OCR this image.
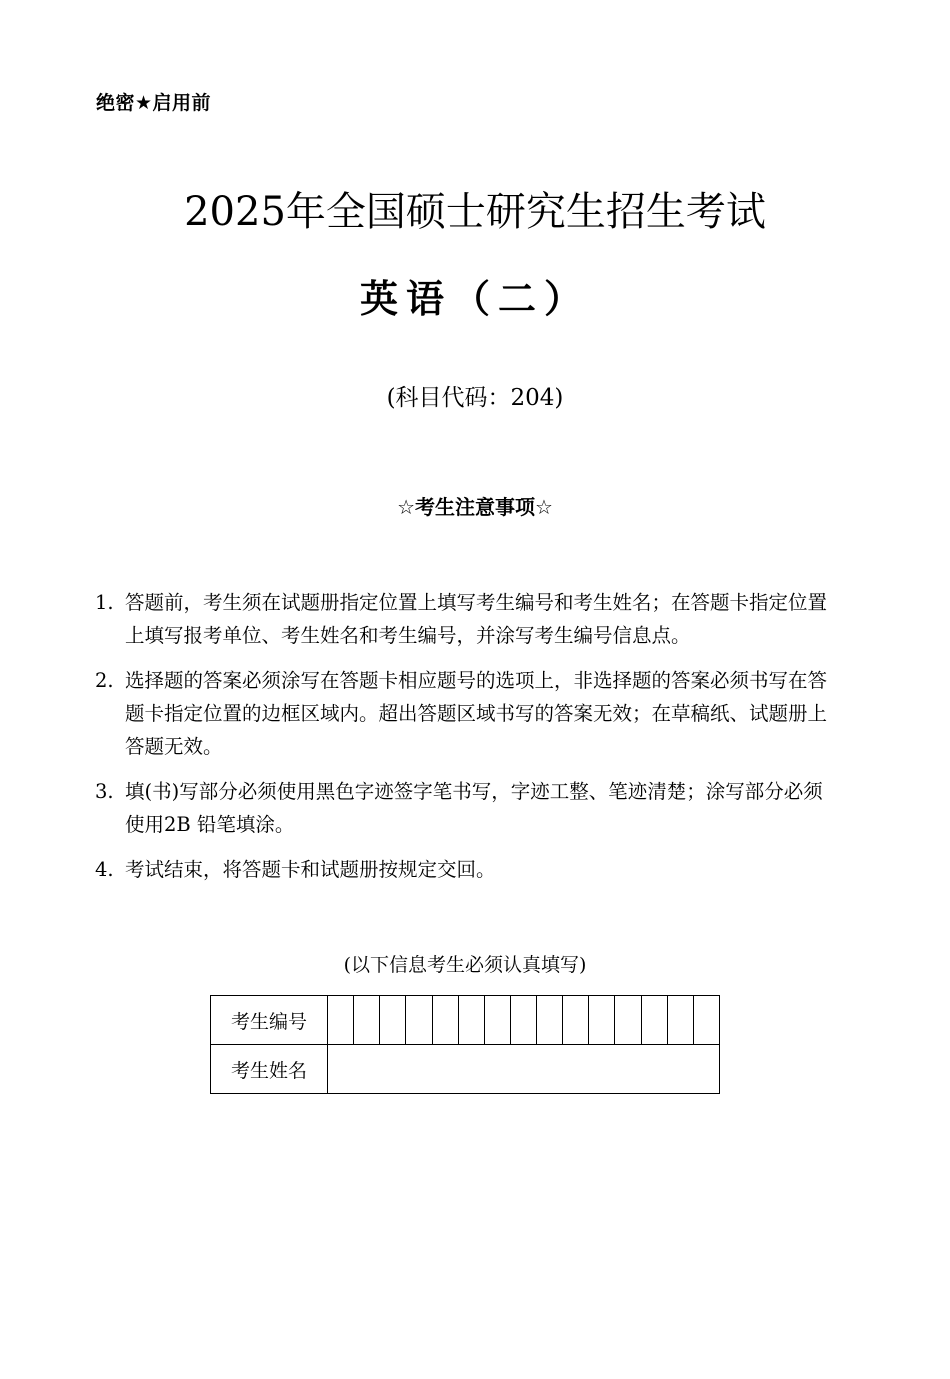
绝密★启用前
2025年全国硕士研究生招生考试
英语（二）
(科目代码：204)
☆考生注意事项☆

1. 答题前，考生须在试题册指定位置上填写考生编号和考生姓名；在答题卡指定位置上填写报考单位、考生姓名和考生编号，并涂写考生编号信息点。

2. 选择题的答案必须涂写在答题卡相应题号的选项上，非选择题的答案必须书写在答题卡指定位置的边框区域内。超出答题区域书写的答案无效；在草稿纸、试题册上答题无效。

3. 填(书)写部分必须使用黑色字迹签字笔书写，字迹工整、笔迹清楚；涂写部分必须使用2B 铅笔填涂。

4. 考试结束，将答题卡和试题册按规定交回。

(以下信息考生必须认真填写)
考生编号															
考生姓名															
